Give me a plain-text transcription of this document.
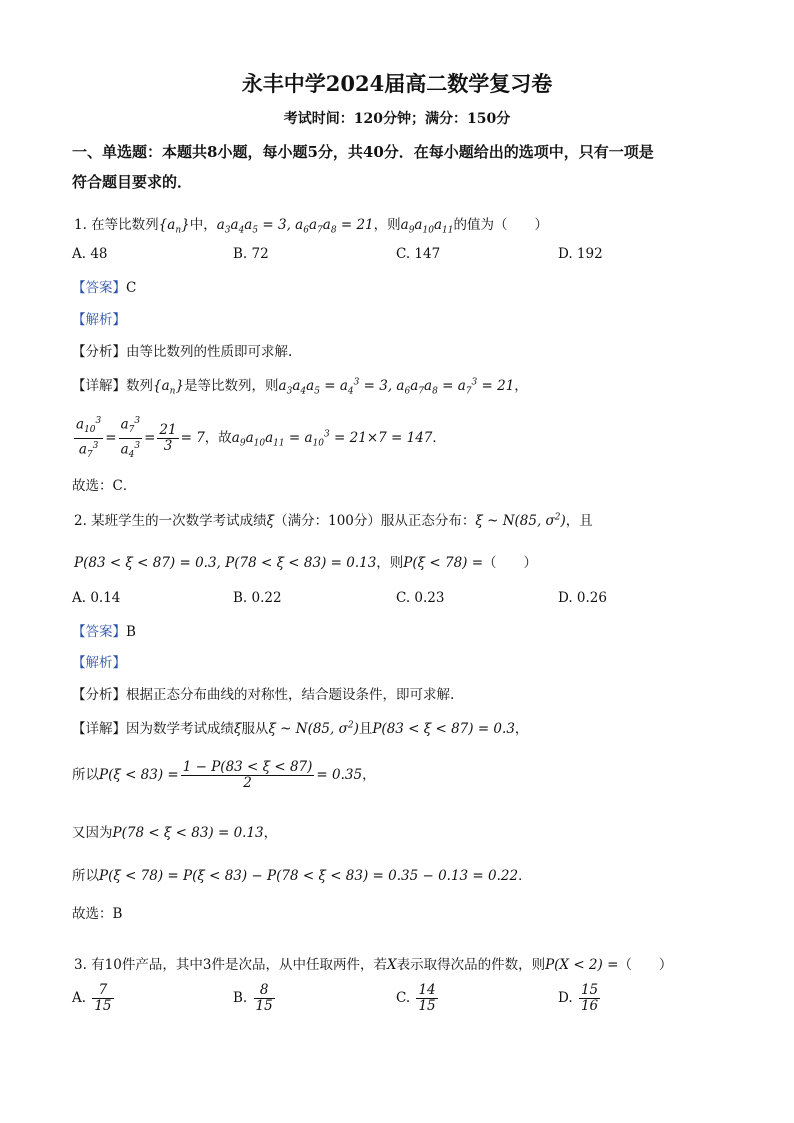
永丰中学2024届高二数学复习卷
考试时间：120分钟；满分：150分
一、单选题：本题共8小题，每小题5分，共40分．在每小题给出的选项中，只有一项是
符合题目要求的．
1. 在等比数列$\{a_n\}$中，$a_3a_4a_5 = 3$, $a_6a_7a_8 = 21$，则$a_9a_{10}a_{11}$的值为（　　）
A. 48	B. 72	C. 147	D. 192
【答案】C
【解析】
【分析】由等比数列的性质即可求解.
【详解】数列$\{a_n\}$是等比数列，则$a_3a_4a_5 = a_4^3 = 3$, $a_6a_7a_8 = a_7^3 = 21$，
$\frac{a_{10}^3}{a_7^3} = \frac{a_7^3}{a_4^3} = \frac{21}{3} = 7$，故$a_9a_{10}a_{11} = a_{10}^3 = 21\times 7 = 147$．
故选：C．
2. 某班学生的一次数学考试成绩ξ（满分：100分）服从正态分布：ξ ~ N(85, $\sigma^2$)，且
P(83 < ξ < 87) = 0.3, P(78 < ξ < 83) = 0.13，则P(ξ < 78) =（　　）
A. 0.14	B. 0.22	C. 0.23	D. 0.26
【答案】B
【解析】
【分析】根据正态分布曲线的对称性，结合题设条件，即可求解.
【详解】因为数学考试成绩ξ服从ξ ~ N(85, $\sigma^2$)且P(83 < ξ < 87) = 0.3，
所以$P(\xi < 83) = \frac{1 - P(83 < \xi < 87)}{2} = 0.35$，
又因为P(78 < ξ < 83) = 0.13，
所以P(ξ < 78) = P(ξ < 83) − P(78 < ξ < 83) = 0.35 − 0.13 = 0.22．
故选：B
3. 有10件产品，其中3件是次品，从中任取两件，若X表示取得次品的件数，则P(X < 2) =（　　）
A. $\frac{7}{15}$	B. $\frac{8}{15}$	C. $\frac{14}{15}$	D. $\frac{15}{16}$
